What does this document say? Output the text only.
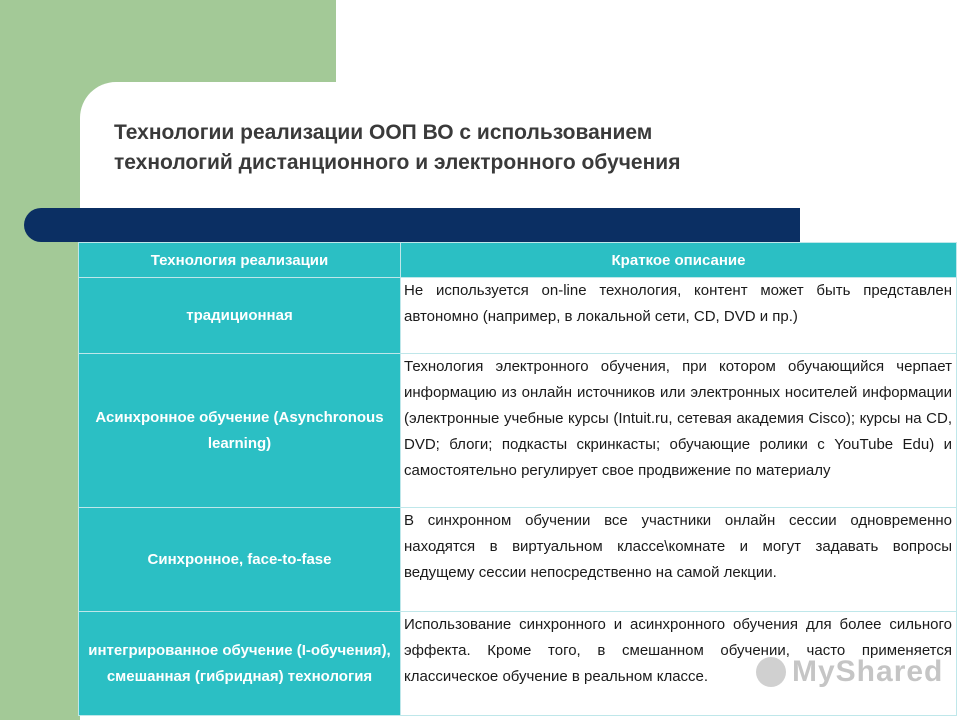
Технологии реализации ООП ВО с использованием
технологий дистанционного и электронного обучения
Технология реализации	Краткое описание
традиционная	Не используется on-line технология, контент может быть представлен автономно (например, в локальной сети, CD, DVD и пр.)
Асинхронное обучение (Asynchronous learning)	Технология электронного обучения, при котором обучающийся черпает информацию из онлайн источников или электронных носителей информации (электронные учебные курсы (Intuit.ru, сетевая академия Cisco); курсы на CD, DVD; блоги; подкасты скринкасты; обучающие ролики с YouTube Edu) и самостоятельно регулирует свое продвижение по материалу
Синхронное, face-to-fase	В синхронном обучении все участники онлайн сессии одновременно находятся в виртуальном классе\комнате и могут задавать вопросы ведущему сессии непосредственно на самой лекции.
интегрированное обучение (I-обучения), смешанная (гибридная) технология	Использование синхронного и асинхронного обучения для более сильного эффекта. Кроме того, в смешанном обучении, часто применяется классическое обучение в реальном классе.	MyShared
